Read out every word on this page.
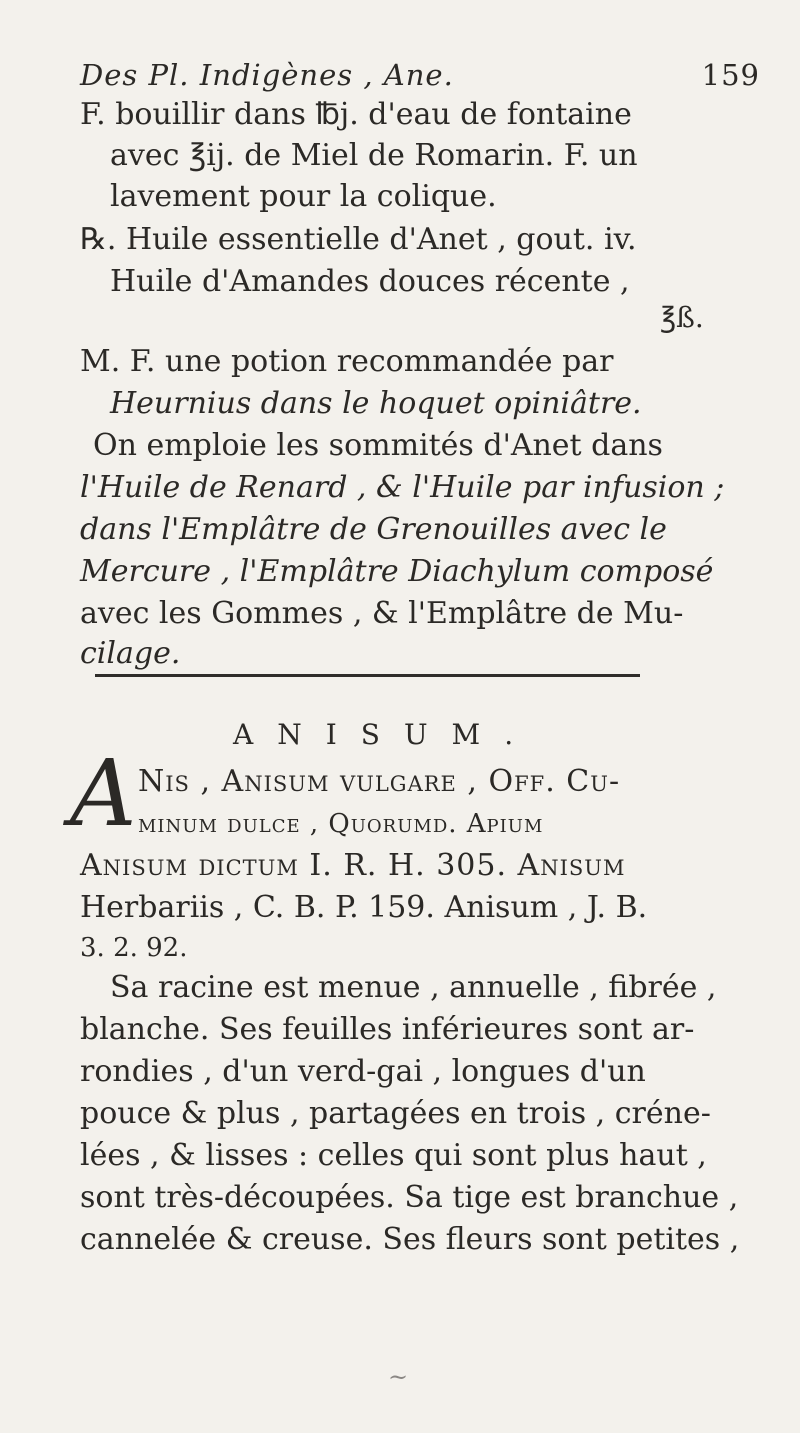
Des Pl. Indigènes , Ane.	159
F. bouillir dans ℔j. d'eau de fontaine
avec ℥ij. de Miel de Romarin. F. un
lavement pour la colique.
℞. Huile essentielle d'Anet , gout. iv.
Huile d'Amandes douces récente ,
℥ß.
M. F. une potion recommandée par
Heurnius dans le hoquet opiniâtre.
On emploie les sommités d'Anet dans
l'Huile de Renard , & l'Huile par infusion ;
dans l'Emplâtre de Grenouilles avec le
Mercure , l'Emplâtre Diachylum composé
avec les Gommes , & l'Emplâtre de Mu-
cilage.
ANISUM.
A Nis , Anisum vulgare , Off. Cu-
minum dulce , Quorumd. Apium
Anisum dictum I. R. H. 305. Anisum
Herbariis , C. B. P. 159. Anisum , J. B.
3. 2. 92.
Sa racine est menue , annuelle , fibrée ,
blanche. Ses feuilles inférieures sont ar-
rondies , d'un verd-gai , longues d'un
pouce & plus , partagées en trois , créne-
lées , & lisses : celles qui sont plus haut ,
sont très-découpées. Sa tige est branchue ,
cannelée & creuse. Ses fleurs sont petites ,
~
